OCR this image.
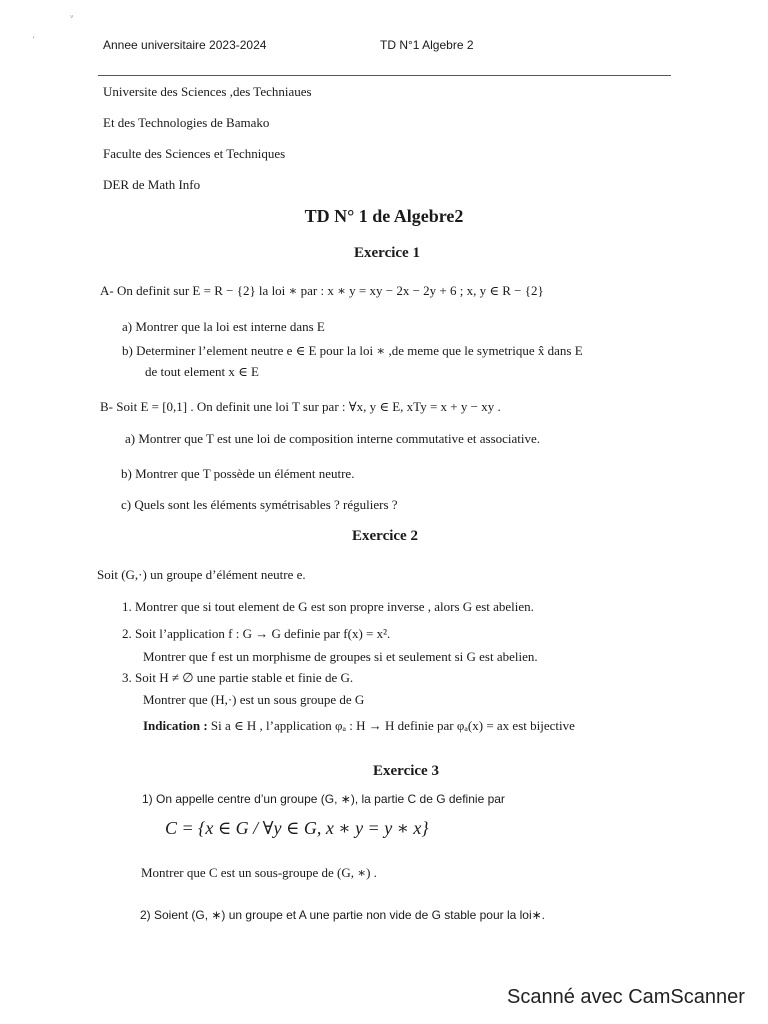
ᵛ
ʼ	Annee universitaire 2023-2024	TD N°1 Algebre 2
Universite des Sciences ,des Techniaues
Et des Technologies de Bamako
Faculte des Sciences et Techniques
DER de Math Info
TD N° 1 de Algebre2
Exercice 1
A- On definit sur E = R − {2} la loi ∗ par : x ∗ y = xy − 2x − 2y + 6 ; x, y ∈ R − {2}
a) Montrer que la loi est interne dans E
b) Determiner l’element neutre e ∈ E pour la loi ∗ ,de meme que le symetrique x̂ dans E
de tout element x ∈ E
B- Soit E = [0,1] . On definit une loi T sur par : ∀x, y ∈ E, xTy = x + y − xy .
a) Montrer que T est une loi de composition interne commutative et associative.
b) Montrer que T possède un élément neutre.
c) Quels sont les éléments symétrisables ? réguliers ?
Exercice 2
Soit (G,·) un groupe d’élément neutre e.
1. Montrer que si tout element de G est son propre inverse , alors G est abelien.
2. Soit l’application f : G → G definie par f(x) = x².
Montrer que f est un morphisme de groupes si et seulement si G est abelien.
3. Soit H ≠ ∅ une partie stable et finie de G.
Montrer que (H,·) est un sous groupe de G
Indication : Si a ∈ H , l’application φₐ : H → H definie par φₐ(x) = ax est bijective
Exercice 3
1) On appelle centre d’un groupe (G, ∗), la partie C de G definie par
C = {x ∈ G / ∀y ∈ G, x ∗ y = y ∗ x}
Montrer que C est un sous-groupe de (G, ∗) .
2) Soient (G, ∗) un groupe et A une partie non vide de G stable pour la loi∗.
Scanné avec CamScanner
